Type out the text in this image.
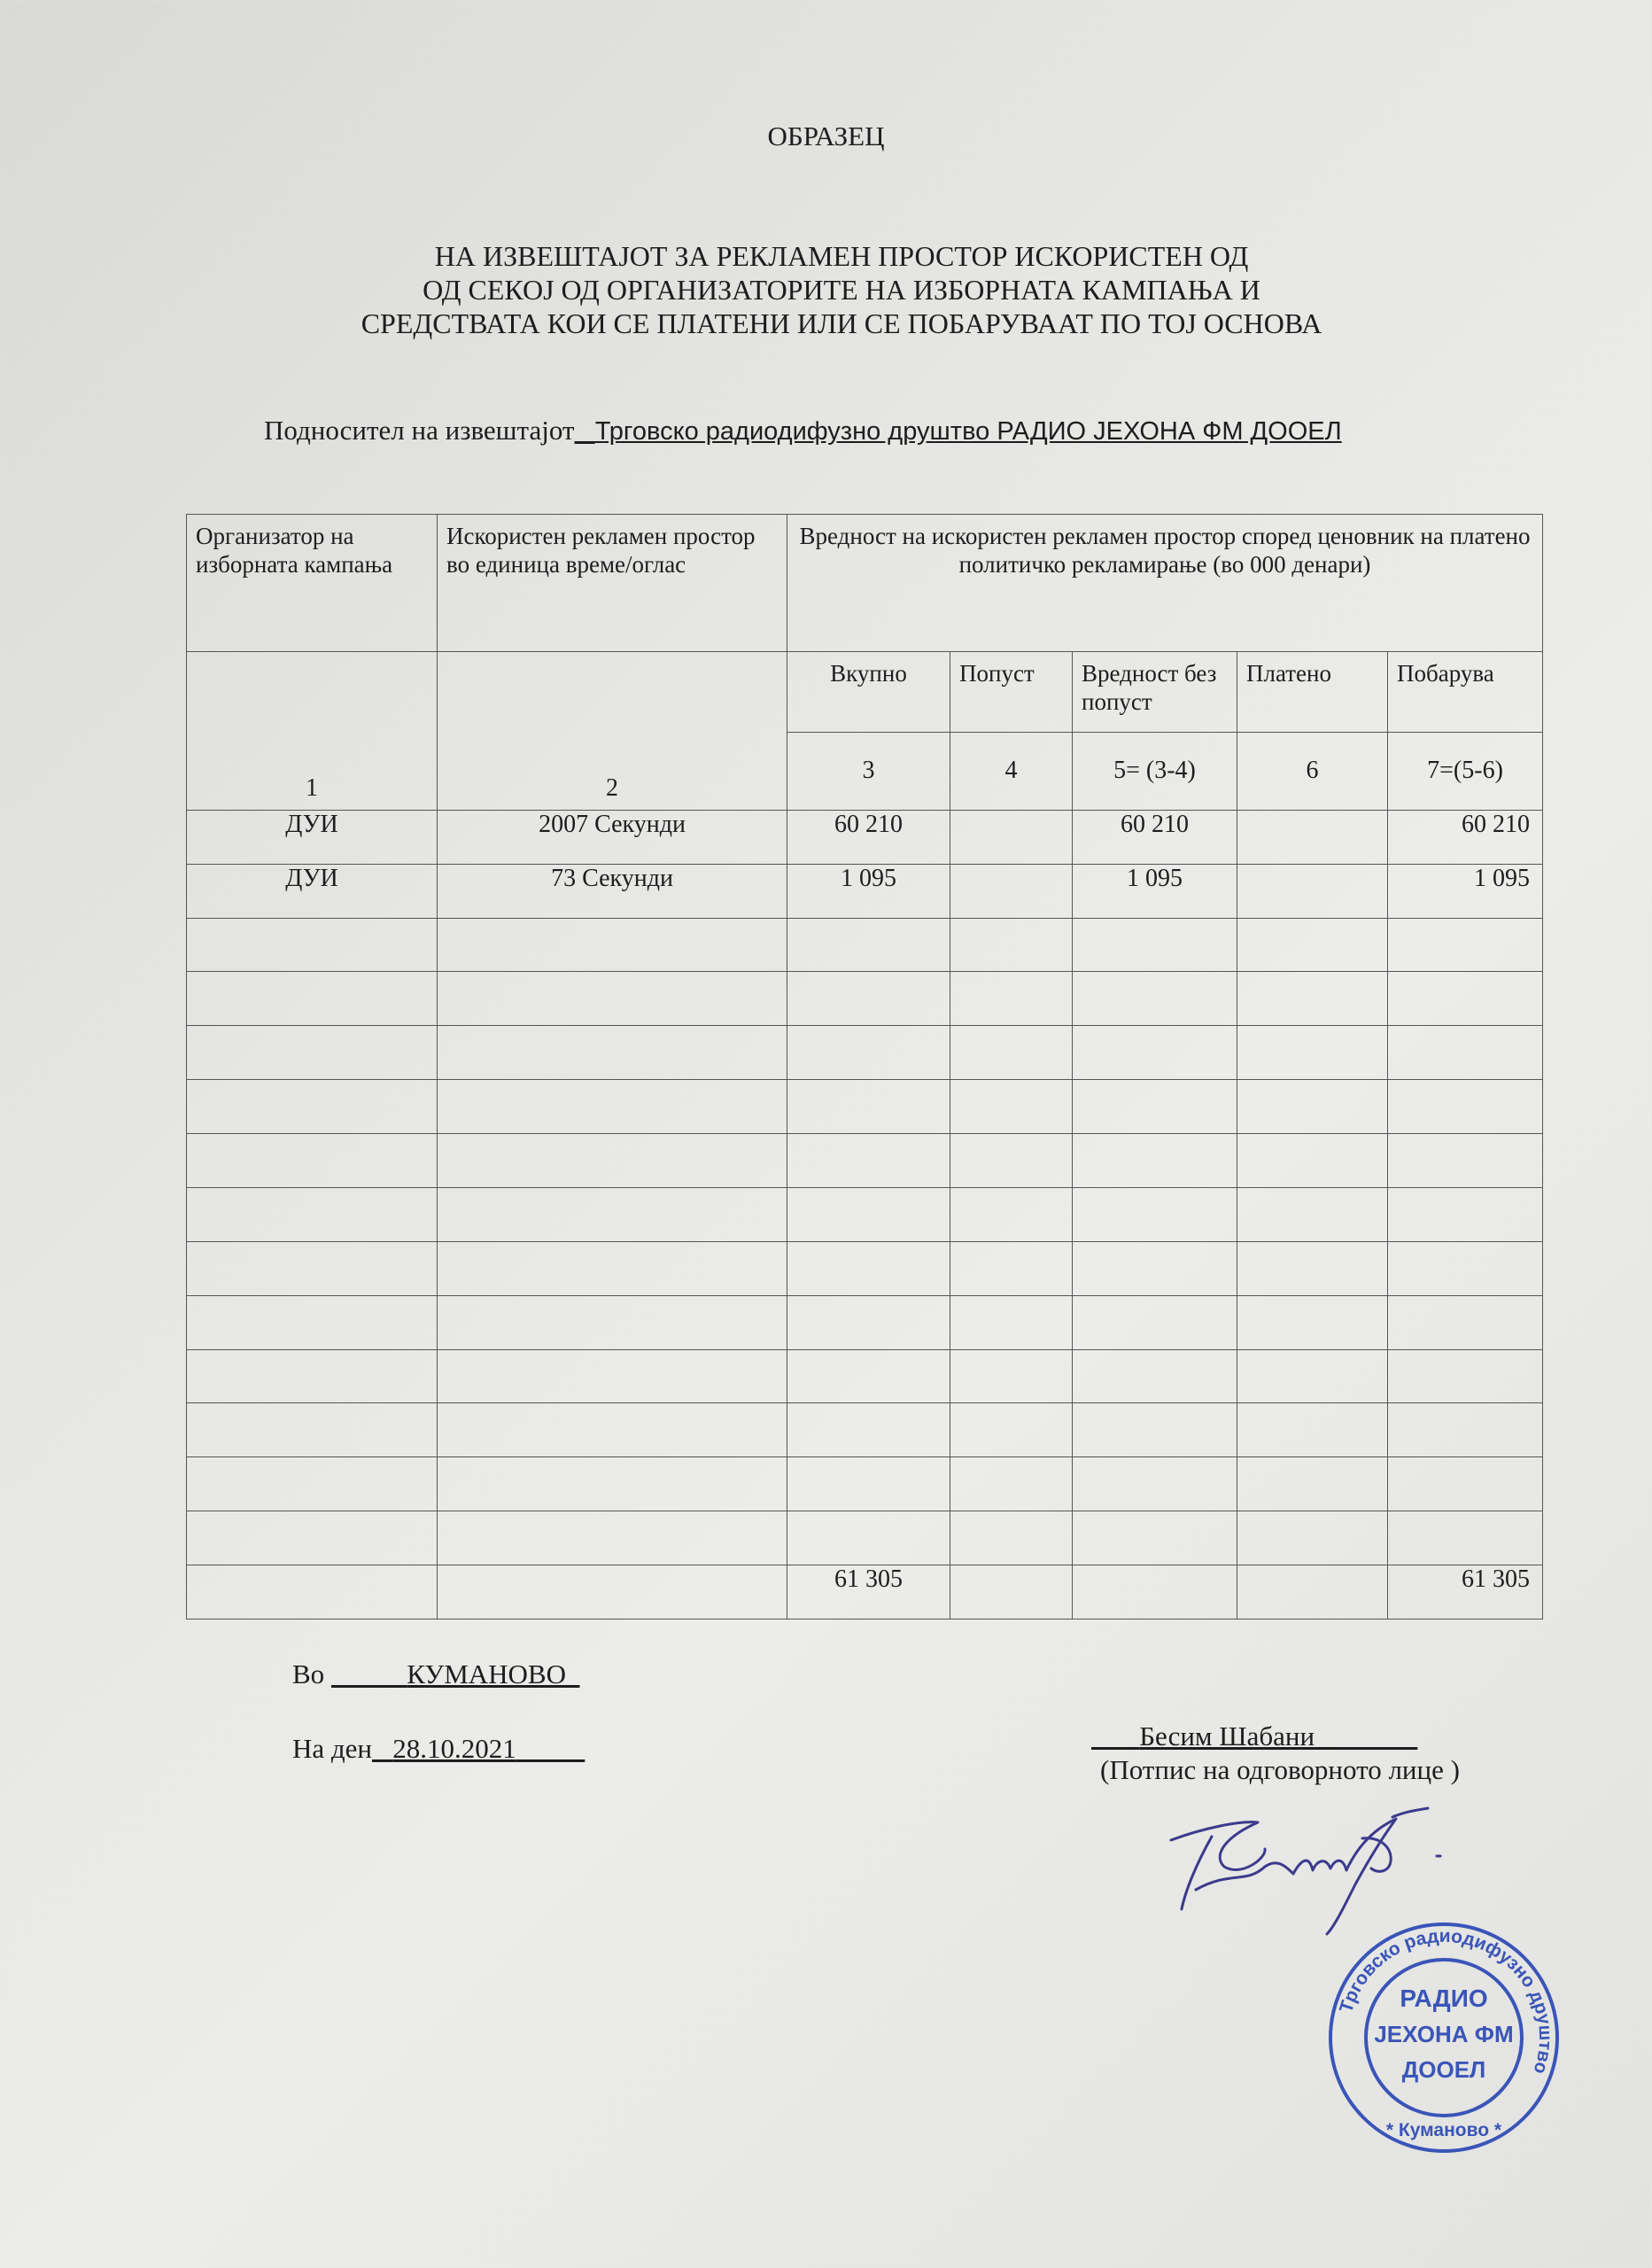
ОБРАЗЕЦ
НА ИЗВЕШТАЈОТ ЗА РЕКЛАМЕН ПРОСТОР ИСКОРИСТЕН ОД
ОД СЕКОЈ ОД ОРГАНИЗАТОРИТЕ НА ИЗБОРНАТА КАМПАЊА И
СРЕДСТВАТА КОИ СЕ ПЛАТЕНИ ИЛИ СЕ ПОБАРУВААТ ПО ТОЈ ОСНОВА
Подносител на извештајот Трговско радиодифузно друштво РАДИО ЈЕХОНА ФМ ДООЕЛ
Организатор на изборната кампања	Искористен рекламен простор во единица време/оглас	Вредност на искористен рекламен простор според ценовник на платено политичко рекламирање (во 000 денари)				
1	2	Вкупно	Попуст	Вредност без попуст	Платено	Побарува
		3	4	5= (3-4)	6	7=(5-6)
ДУИ	2007 Секунди	60 210		60 210		60 210
ДУИ	73 Секунди	1 095		1 095		1 095

		61 305				61 305
Во	КУМАНОВО
На ден 28.10.2021	Бесим Шабани
(Потпис на одговорното лице )
Трговско радиодифузно друштво
РАДИО
ЈЕХОНА ФМ
ДООЕЛ
* Куманово *
